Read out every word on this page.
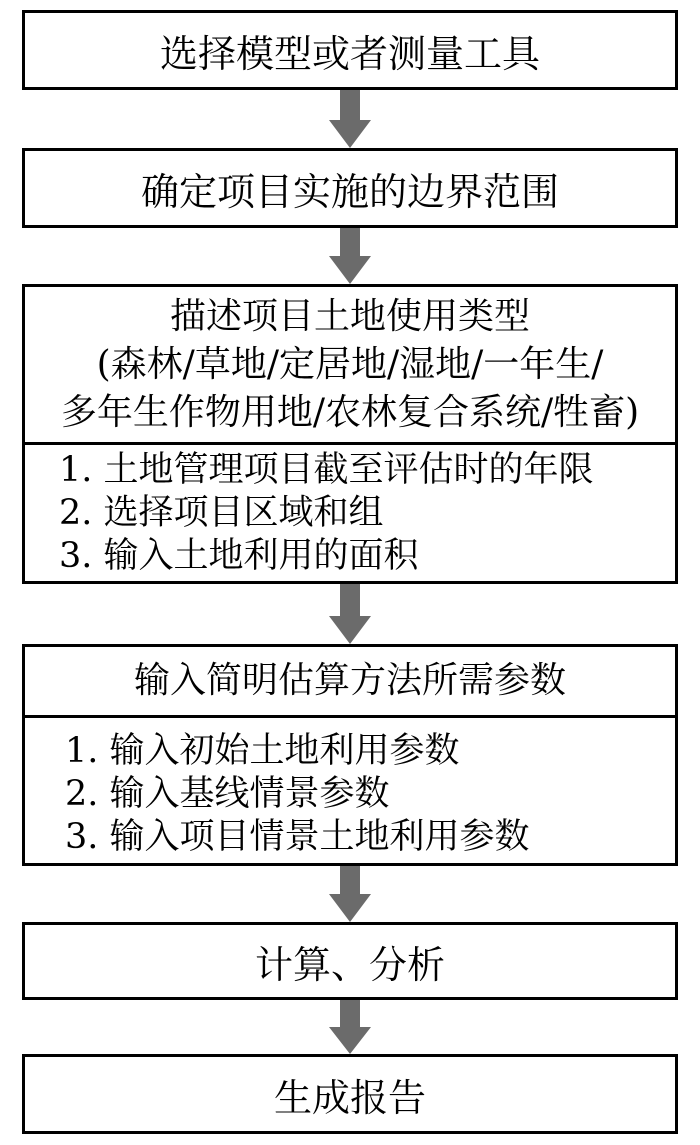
选择模型或者测量工具
确定项目实施的边界范围
描述项目土地使用类型
(森林/草地/定居地/湿地/一年生/
多年生作物用地/农林复合系统/牲畜)
1. 土地管理项目截至评估时的年限
2. 选择项目区域和组
3. 输入土地利用的面积
输入简明估算方法所需参数
1. 输入初始土地利用参数
2. 输入基线情景参数
3. 输入项目情景土地利用参数
计算、分析
生成报告
